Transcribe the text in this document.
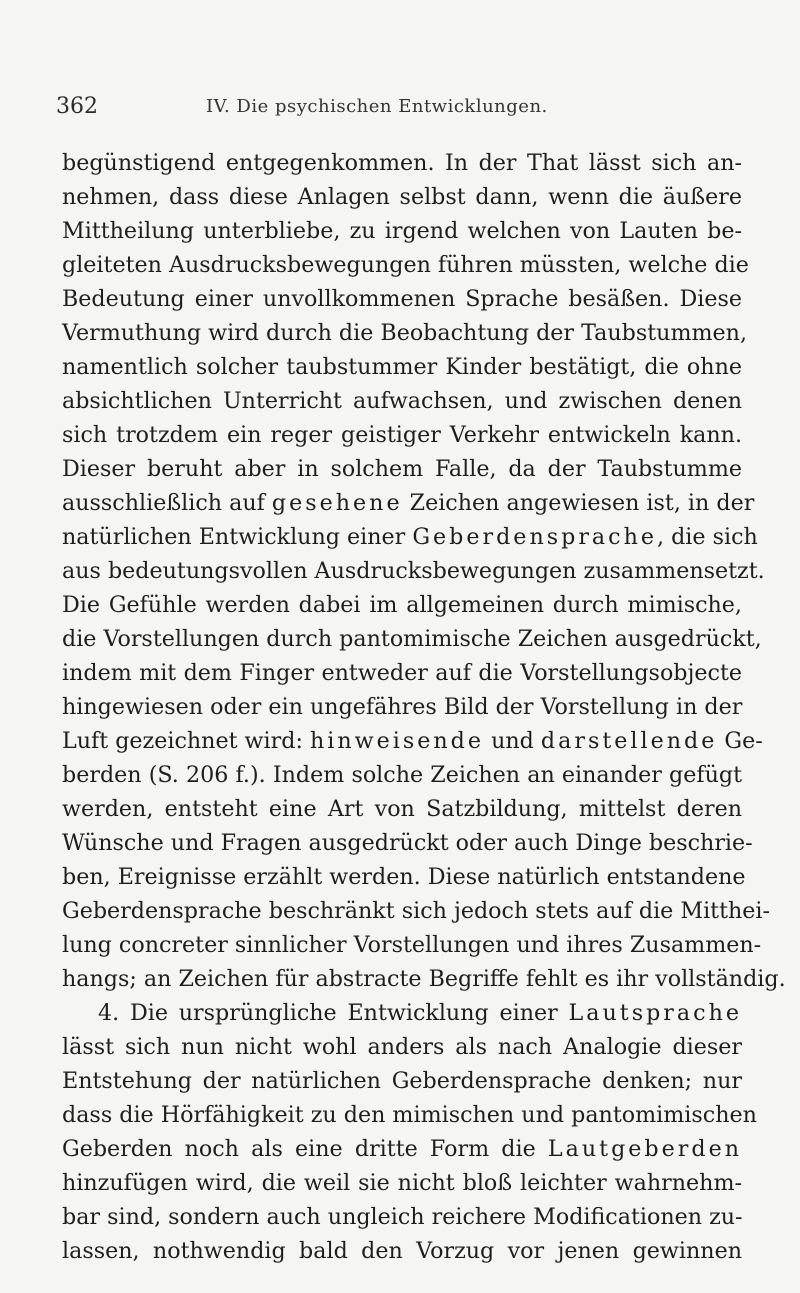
362	IV. Die psychischen Entwicklungen.
begünstigend entgegenkommen. In der That lässt sich an-
nehmen, dass diese Anlagen selbst dann, wenn die äußere
Mittheilung unterbliebe, zu irgend welchen von Lauten be-
gleiteten Ausdrucksbewegungen führen müssten, welche die
Bedeutung einer unvollkommenen Sprache besäßen. Diese
Vermuthung wird durch die Beobachtung der Taubstummen,
namentlich solcher taubstummer Kinder bestätigt, die ohne
absichtlichen Unterricht aufwachsen, und zwischen denen
sich trotzdem ein reger geistiger Verkehr entwickeln kann.
Dieser beruht aber in solchem Falle, da der Taubstumme
ausschließlich auf gesehene Zeichen angewiesen ist, in der
natürlichen Entwicklung einer Geberdensprache, die sich
aus bedeutungsvollen Ausdrucksbewegungen zusammensetzt.
Die Gefühle werden dabei im allgemeinen durch mimische,
die Vorstellungen durch pantomimische Zeichen ausgedrückt,
indem mit dem Finger entweder auf die Vorstellungsobjecte
hingewiesen oder ein ungefähres Bild der Vorstellung in der
Luft gezeichnet wird: hinweisende und darstellende Ge-
berden (S. 206 f.). Indem solche Zeichen an einander gefügt
werden, entsteht eine Art von Satzbildung, mittelst deren
Wünsche und Fragen ausgedrückt oder auch Dinge beschrie-
ben, Ereignisse erzählt werden. Diese natürlich entstandene
Geberdensprache beschränkt sich jedoch stets auf die Mitthei-
lung concreter sinnlicher Vorstellungen und ihres Zusammen-
hangs; an Zeichen für abstracte Begriffe fehlt es ihr vollständig.
4. Die ursprüngliche Entwicklung einer Lautsprache
lässt sich nun nicht wohl anders als nach Analogie dieser
Entstehung der natürlichen Geberdensprache denken; nur
dass die Hörfähigkeit zu den mimischen und pantomimischen
Geberden noch als eine dritte Form die Lautgeberden
hinzufügen wird, die weil sie nicht bloß leichter wahrnehm-
bar sind, sondern auch ungleich reichere Modificationen zu-
lassen, nothwendig bald den Vorzug vor jenen gewinnen
